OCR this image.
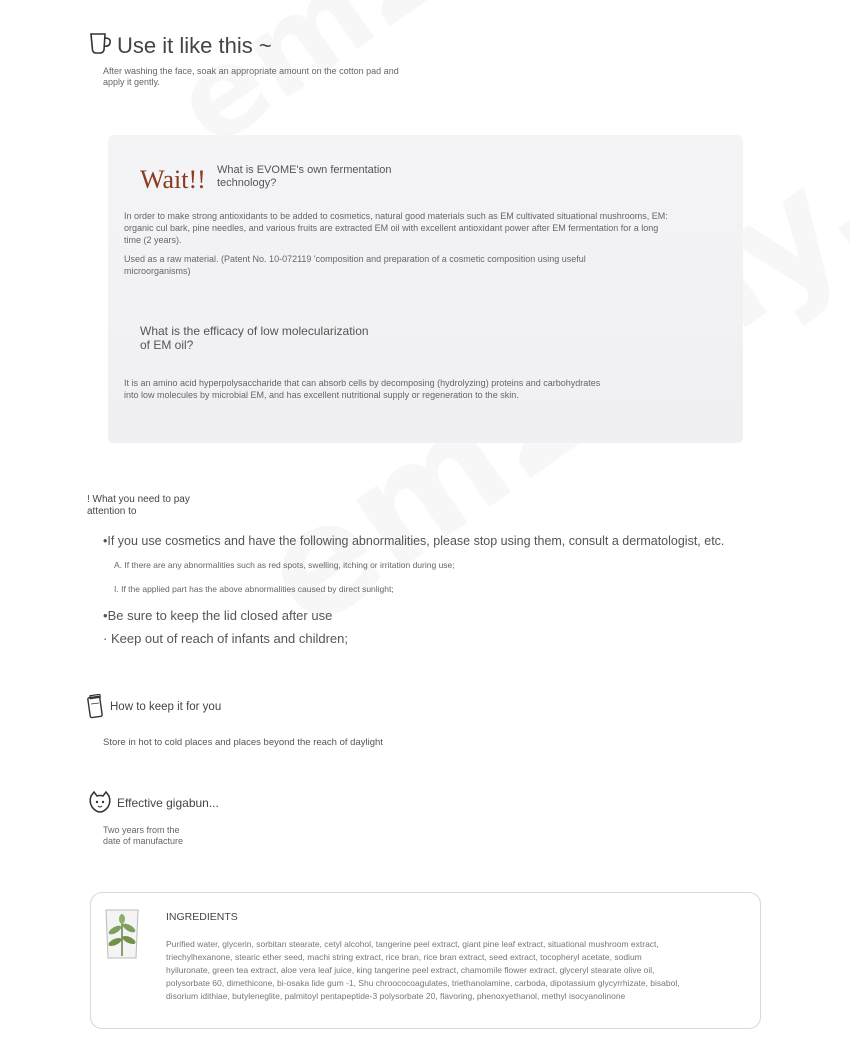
Use it like this ~
After washing the face, soak an appropriate amount on the cotton pad and
apply it gently.
Wait!! What is EVOME's own fermentation
technology?
In order to make strong antioxidants to be added to cosmetics, natural good materials such as EM cultivated situational mushrooms, EM:
organic cul bark, pine needles, and various fruits are extracted EM oil with excellent antioxidant power after EM fermentation for a long
time (2 years).
Used as a raw material. (Patent No. 10-072119 'composition and preparation of a cosmetic composition using useful
microorganisms)
What is the efficacy of low molecularization
of EM oil?
It is an amino acid hyperpolysaccharide that can absorb cells by decomposing (hydrolyzing) proteins and carbohydrates
into low molecules by microbial EM, and has excellent nutritional supply or regeneration to the skin.
! What you need to pay
attention to
•If you use cosmetics and have the following abnormalities, please stop using them, consult a dermatologist, etc.
A. If there are any abnormalities such as red spots, swelling, itching or irritation during use;
I. If the applied part has the above abnormalities caused by direct sunlight;
•Be sure to keep the lid closed after use
· Keep out of reach of infants and children;
How to keep it for you
Store in hot to cold places and places beyond the reach of daylight
Effective gigabun...
Two years from the
date of manufacture
INGREDIENTS
Purified water, glycerin, sorbitan stearate, cetyl alcohol, tangerine peel extract, giant pine leaf extract, situational mushroom extract,
triechylhexanone, stearic ether seed, machi string extract, rice bran, rice bran extract, seed extract, tocopheryl acetate, sodium
hyiluronate, green tea extract, aloe vera leaf juice, king tangerine peel extract, chamomile flower extract, glyceryl stearate olive oil,
polysorbate 60, dimethicone, bi-osaka lide gum -1, Shu chroococoagulates, triethanolamine, carboda, dipotassium glycyrrhizate, bisabol,
disorium idithiae, butyleneglite, palmitoyl pentapeptide-3 polysorbate 20, flavoring, phenoxyethanol, methyl isocyanolinone
